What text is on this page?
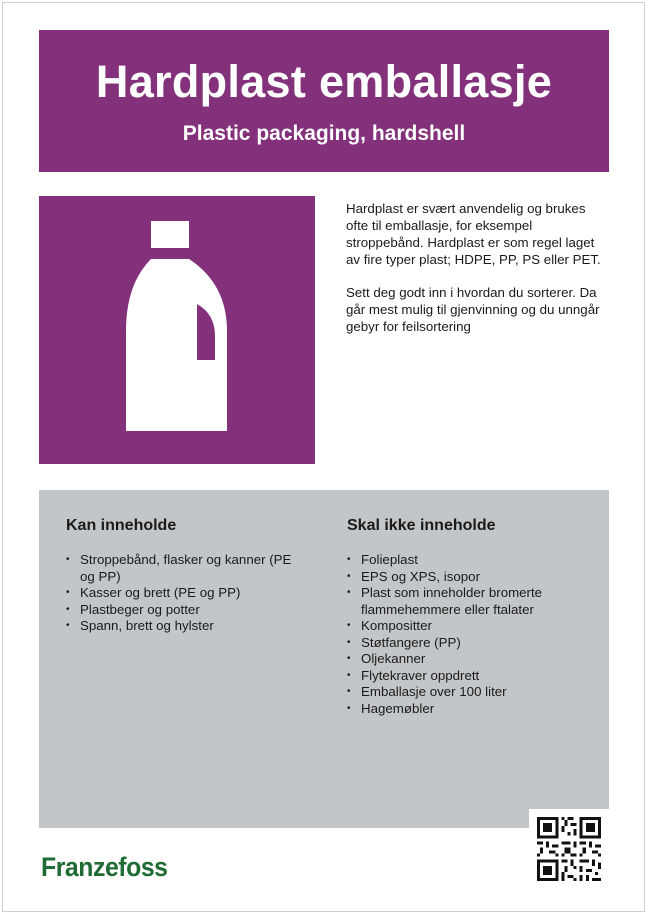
Hardplast emballasje
Plastic packaging, hardshell

Hardplast er svært anvendelig og brukes ofte til emballasje, for eksempel stroppebånd. Hardplast er som regel laget av fire typer plast; HDPE, PP, PS eller PET.

Sett deg godt inn i hvordan du sorterer. Da går mest mulig til gjenvinning og du unngår gebyr for feilsortering

Kan inneholde
• Stroppebånd, flasker og kanner (PE og PP)
• Kasser og brett (PE og PP)
• Plastbeger og potter
• Spann, brett og hylster
Skal ikke inneholde
• Folieplast
• EPS og XPS, isopor
• Plast som inneholder bromerte flammehemmere eller ftalater
• Kompositter
• Støtfangere (PP)
• Oljekanner
• Flytekraver oppdrett
• Emballasje over 100 liter
• Hagemøbler
Franzefoss
